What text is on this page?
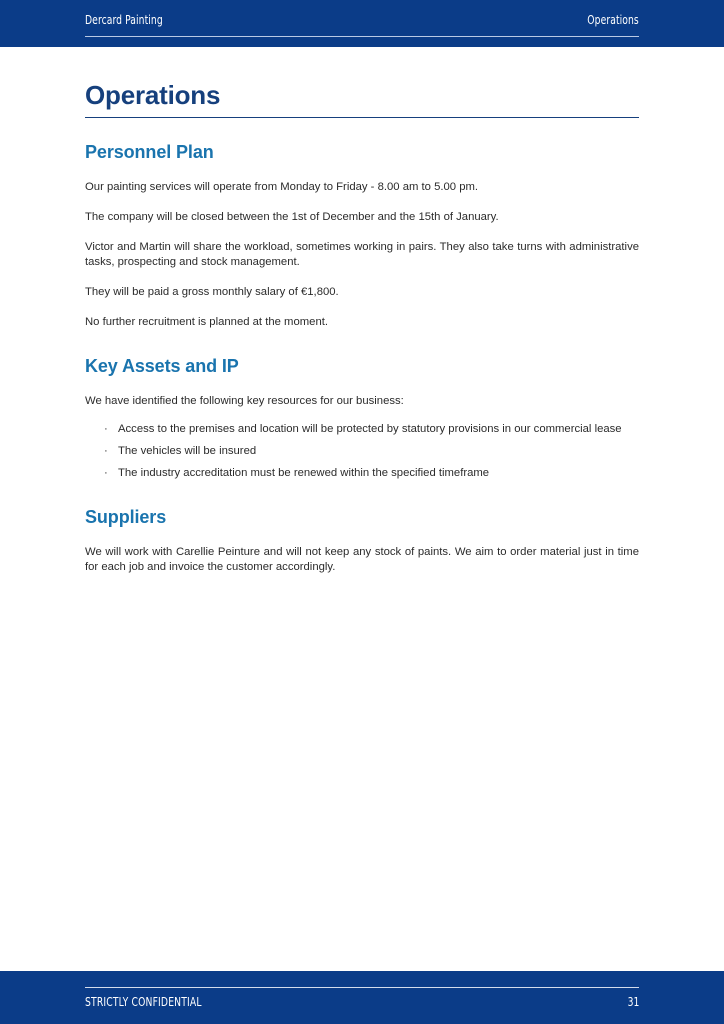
Dercard Painting	Operations
Operations
Personnel Plan

Our painting services will operate from Monday to Friday - 8.00 am to 5.00 pm.

The company will be closed between the 1st of December and the 15th of January.

Victor and Martin will share the workload, sometimes working in pairs. They also take turns with administrative tasks, prospecting and stock management.

They will be paid a gross monthly salary of €1,800.

No further recruitment is planned at the moment.

Key Assets and IP

We have identified the following key resources for our business:

· Access to the premises and location will be protected by statutory provisions in our commercial lease
· The vehicles will be insured
· The industry accreditation must be renewed within the specified timeframe
Suppliers

We will work with Carellie Peinture and will not keep any stock of paints. We aim to order material just in time for each job and invoice the customer accordingly.

STRICTLY CONFIDENTIAL	31
